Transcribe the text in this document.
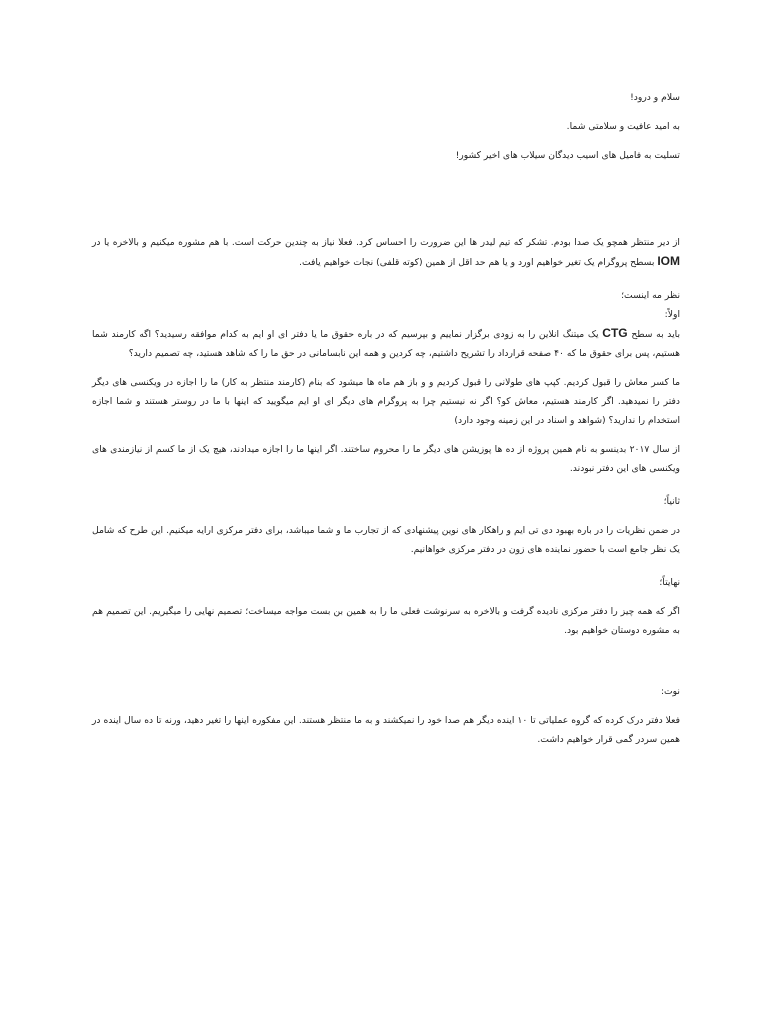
سلام و درود!

به امید عافیت و سلامتی شما.

تسلیت به فامیل های اسیب دیدگان سیلاب های اخیر کشور!

از دیر منتظر همچو یک صدا بودم. تشکر که تیم لیدر ها این ضرورت را احساس کرد. فعلا نیاز به چندین حرکت است. با هم مشوره میکنیم و بالاخره یا در IOM بسطح پروگرام یک تغیر خواهیم اورد و یا هم حد اقل از همین (کوته قلفی) نجات خواهیم یافت.

نظر مه اینست؛

اولاً:

باید به سطح CTG یک میتنگ انلاین را به زودی برگزار نماییم و بپرسیم که در باره حقوق ما یا دفتر ای او ایم به کدام موافقه رسیدید؟ اگه کارمند شما هستیم، پس برای حقوق ما که ۴۰ صفحه قرارداد را تشریح داشتیم، چه کردین و همه این نابسامانی در حق ما را که شاهد هستید، چه تصمیم دارید؟

ما کسر معاش را قبول کردیم. کپپ های طولانی را قبول کردیم و و باز هم ماه ها میشود که بنام (کارمند منتظر به کار) ما را اجازه در ویکنسی های دیگر دفتر را نمیدهید. اگر کارمند هستیم، معاش کو؟ اگر نه نیستیم چرا به پروگرام های دیگر ای او ایم میگویید که اینها با ما در روستر هستند و شما اجازه استخدام را ندارید؟ (شواهد و اسناد در این زمینه وجود دارد)

از سال ۲۰۱۷ بدینسو به نام همین پروژه از ده ها پوزیشن های دیگر ما را محروم ساختند. اگر اینها ما را اجازه میدادند، هیچ یک از ما کسم از نیازمندی های ویکنسی های این دفتر نبودند.

ثانیاً؛

در ضمن نظریات را در باره بهبود دی تی ایم و راهکار های نوین پیشنهادی که از تجارب ما و شما میباشد، برای دفتر مرکزی ارایه میکنیم. این طرح که شامل یک نظر جامع است با حضور نماینده های زون در دفتر مرکزی خواهانیم.

نهایتاً؛

اگر که همه چیز را دفتر مرکزی نادیده گرفت و بالاخره به سرنوشت فعلی ما را به همین بن بست مواجه میساخت؛ تصمیم نهایی را میگیریم. این تصمیم هم به مشوره دوستان خواهیم بود.

نوت:

فعلا دفتر درک کرده که گروه عملیاتی تا ۱۰ اینده دیگر هم صدا خود را نمیکشند و به ما منتظر هستند. این مفکوره اینها را تغیر دهید، ورنه تا ده سال اینده در همین سردر گمی قرار خواهیم داشت.
